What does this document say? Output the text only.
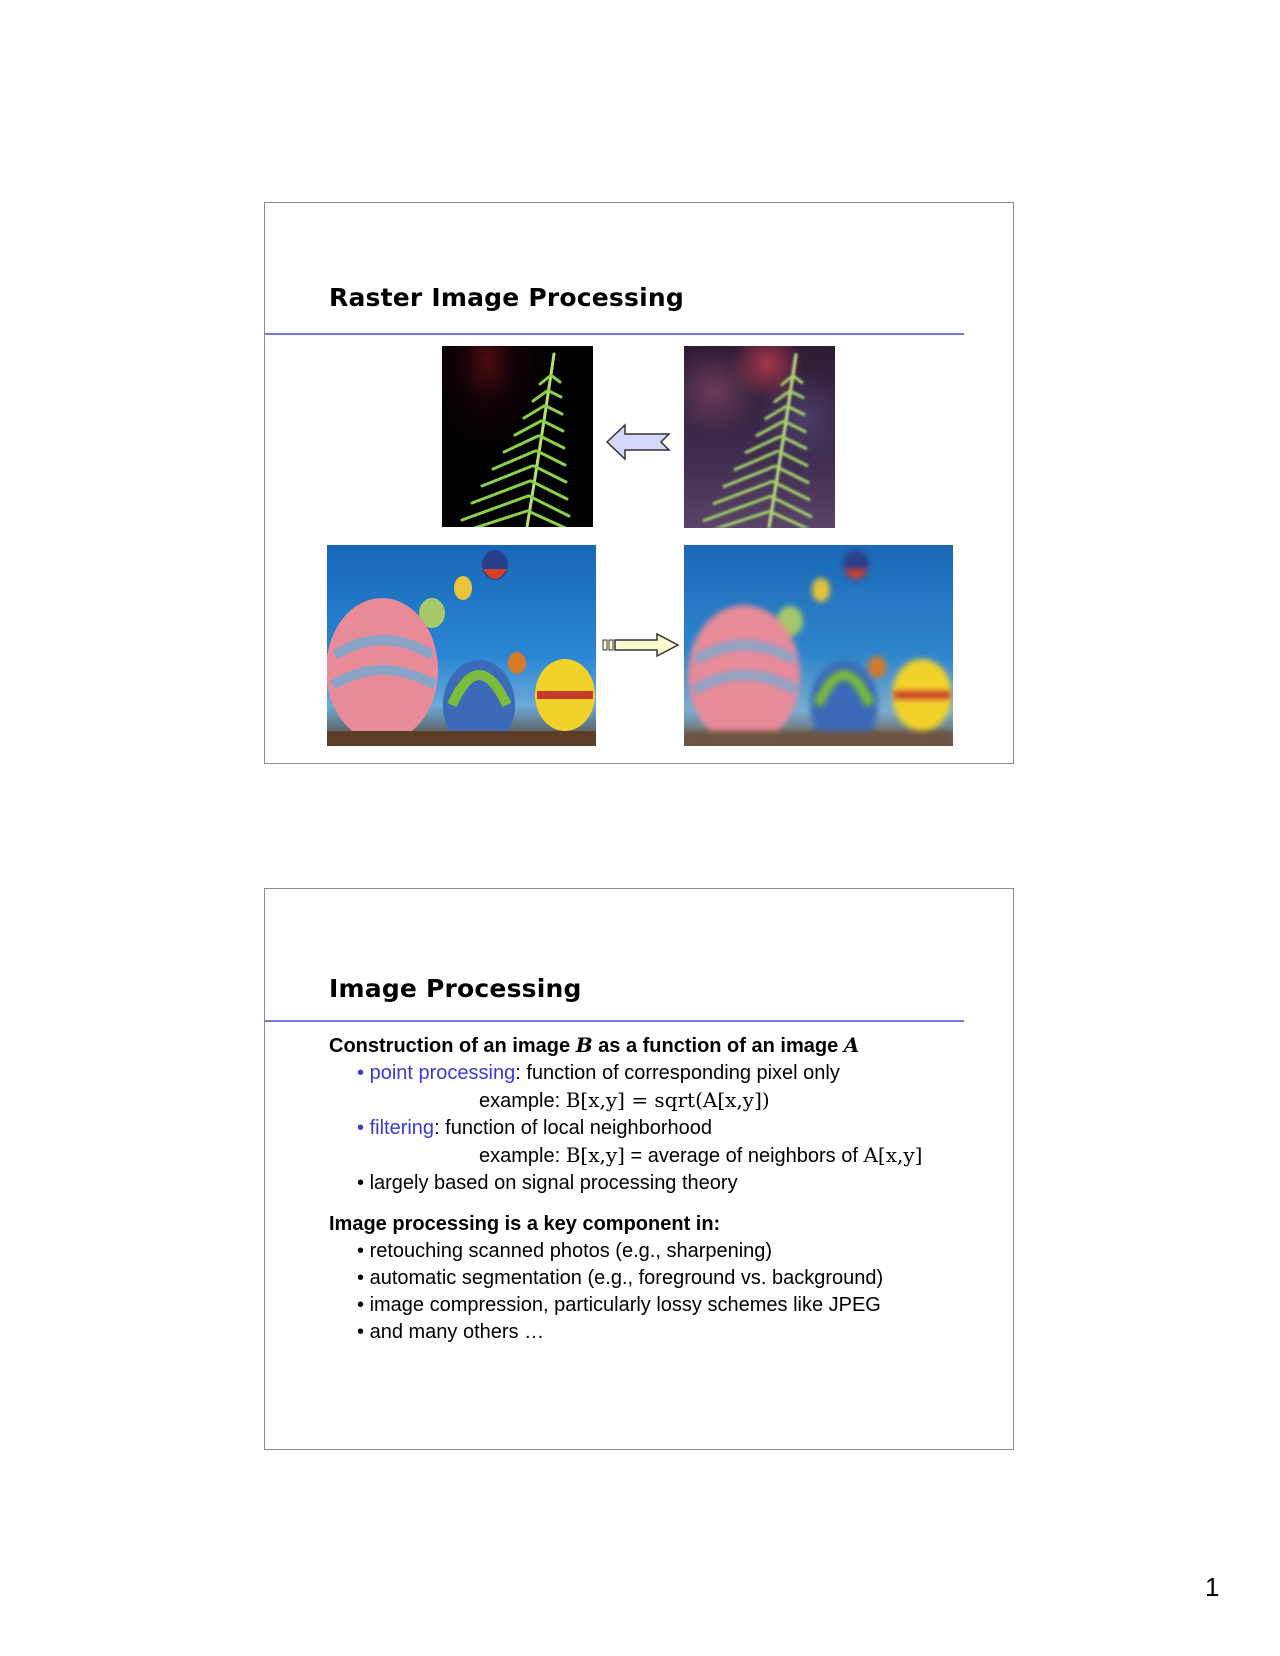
Raster Image Processing
Image Processing
Construction of an image B as a function of an image A
• point processing: function of corresponding pixel only
example: B[x,y] = sqrt(A[x,y])
• filtering: function of local neighborhood
example: B[x,y] = average of neighbors of A[x,y]
• largely based on signal processing theory
Image processing is a key component in:
• retouching scanned photos (e.g., sharpening)
• automatic segmentation (e.g., foreground vs. background)
• image compression, particularly lossy schemes like JPEG
• and many others …
1
